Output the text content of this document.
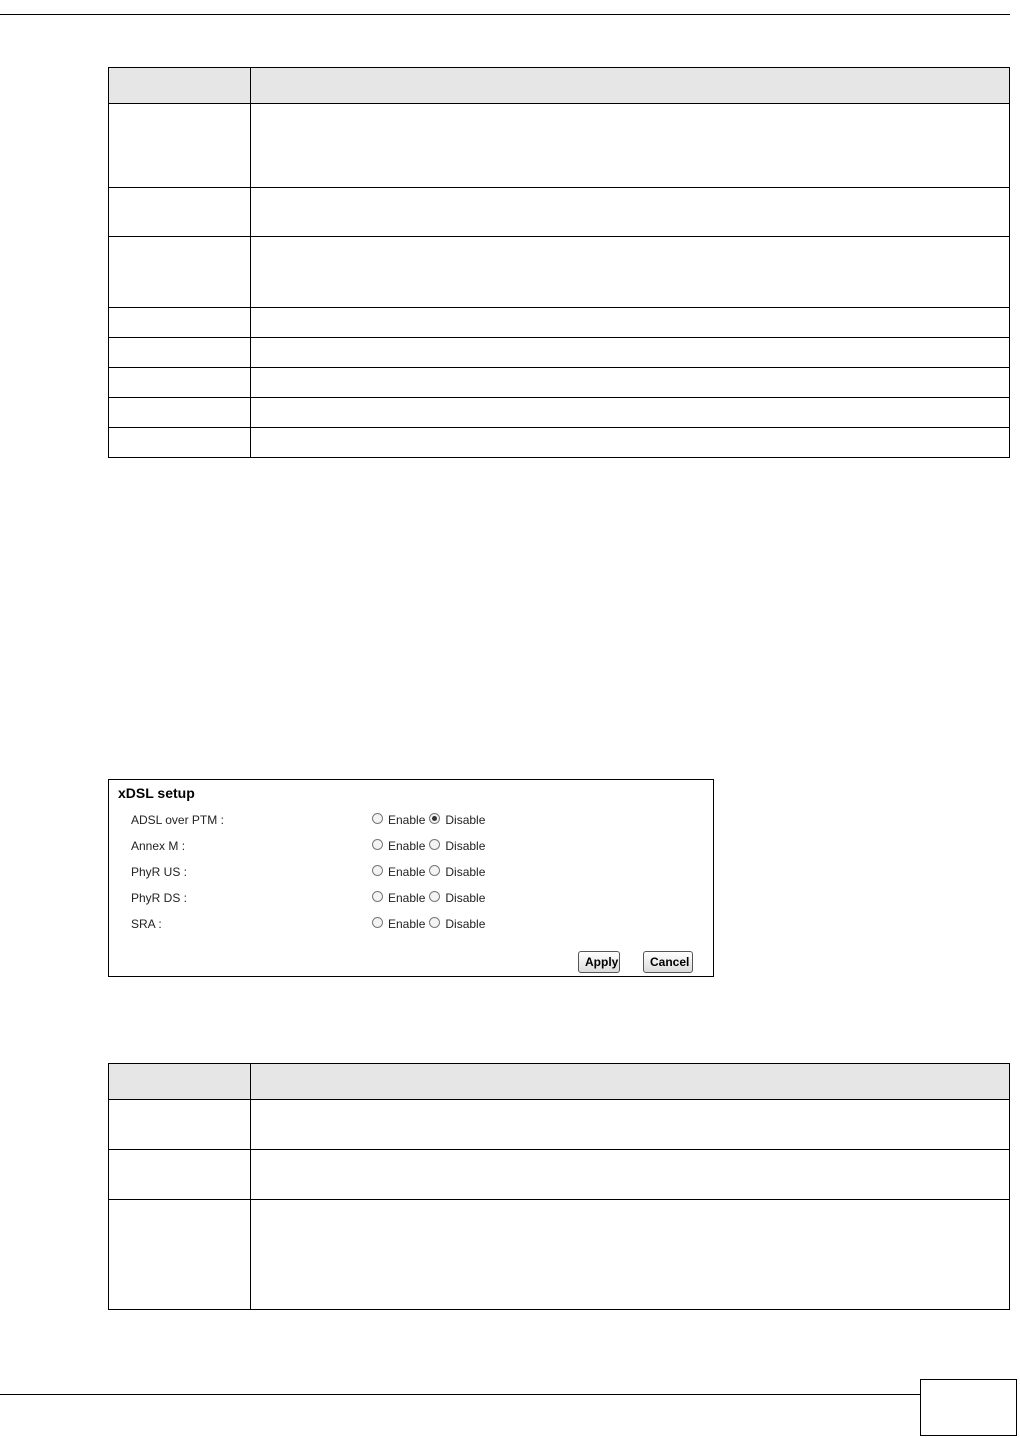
xDSL setup
ADSL over PTM :	Enable Disable
Annex M :	Enable Disable
PhyR US :	Enable Disable
PhyR DS :	Enable Disable
SRA :	Enable Disable
Apply	Cancel
